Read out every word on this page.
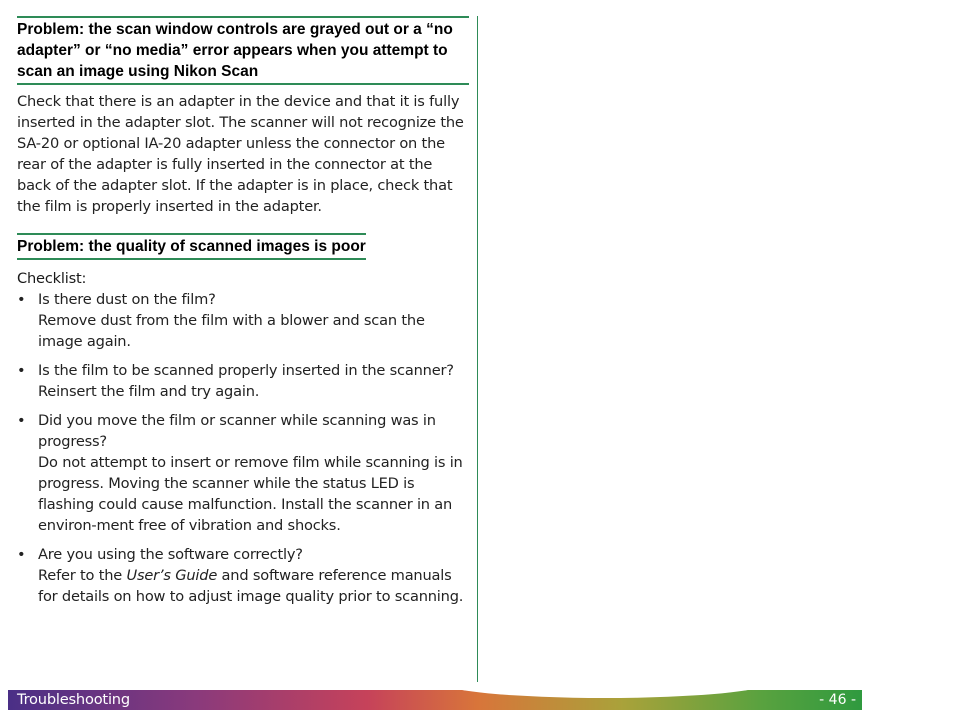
Problem: the scan window controls are grayed out or a “no adapter” or “no media” error appears when you attempt to scan an image using Nikon Scan

Check that there is an adapter in the device and that it is fully inserted in the adapter slot. The scanner will not recognize the SA-20 or optional IA-20 adapter unless the connector on the rear of the adapter is fully inserted in the connector at the back of the adapter slot. If the adapter is in place, check that the film is properly inserted in the adapter.

Problem: the quality of scanned images is poor
Checklist:
• Is there dust on the film?
Remove dust from the film with a blower and scan the image again.
• Is the film to be scanned properly inserted in the scanner?
Reinsert the film and try again.
• Did you move the film or scanner while scanning was in progress?
Do not attempt to insert or remove film while scanning is in progress. Moving the scanner while the status LED is flashing could cause malfunction. Install the scanner in an environ-ment free of vibration and shocks.
• Are you using the software correctly?
Refer to the User’s Guide and software reference manuals for details on how to adjust image quality prior to scanning.
Troubleshooting	- 46 -
